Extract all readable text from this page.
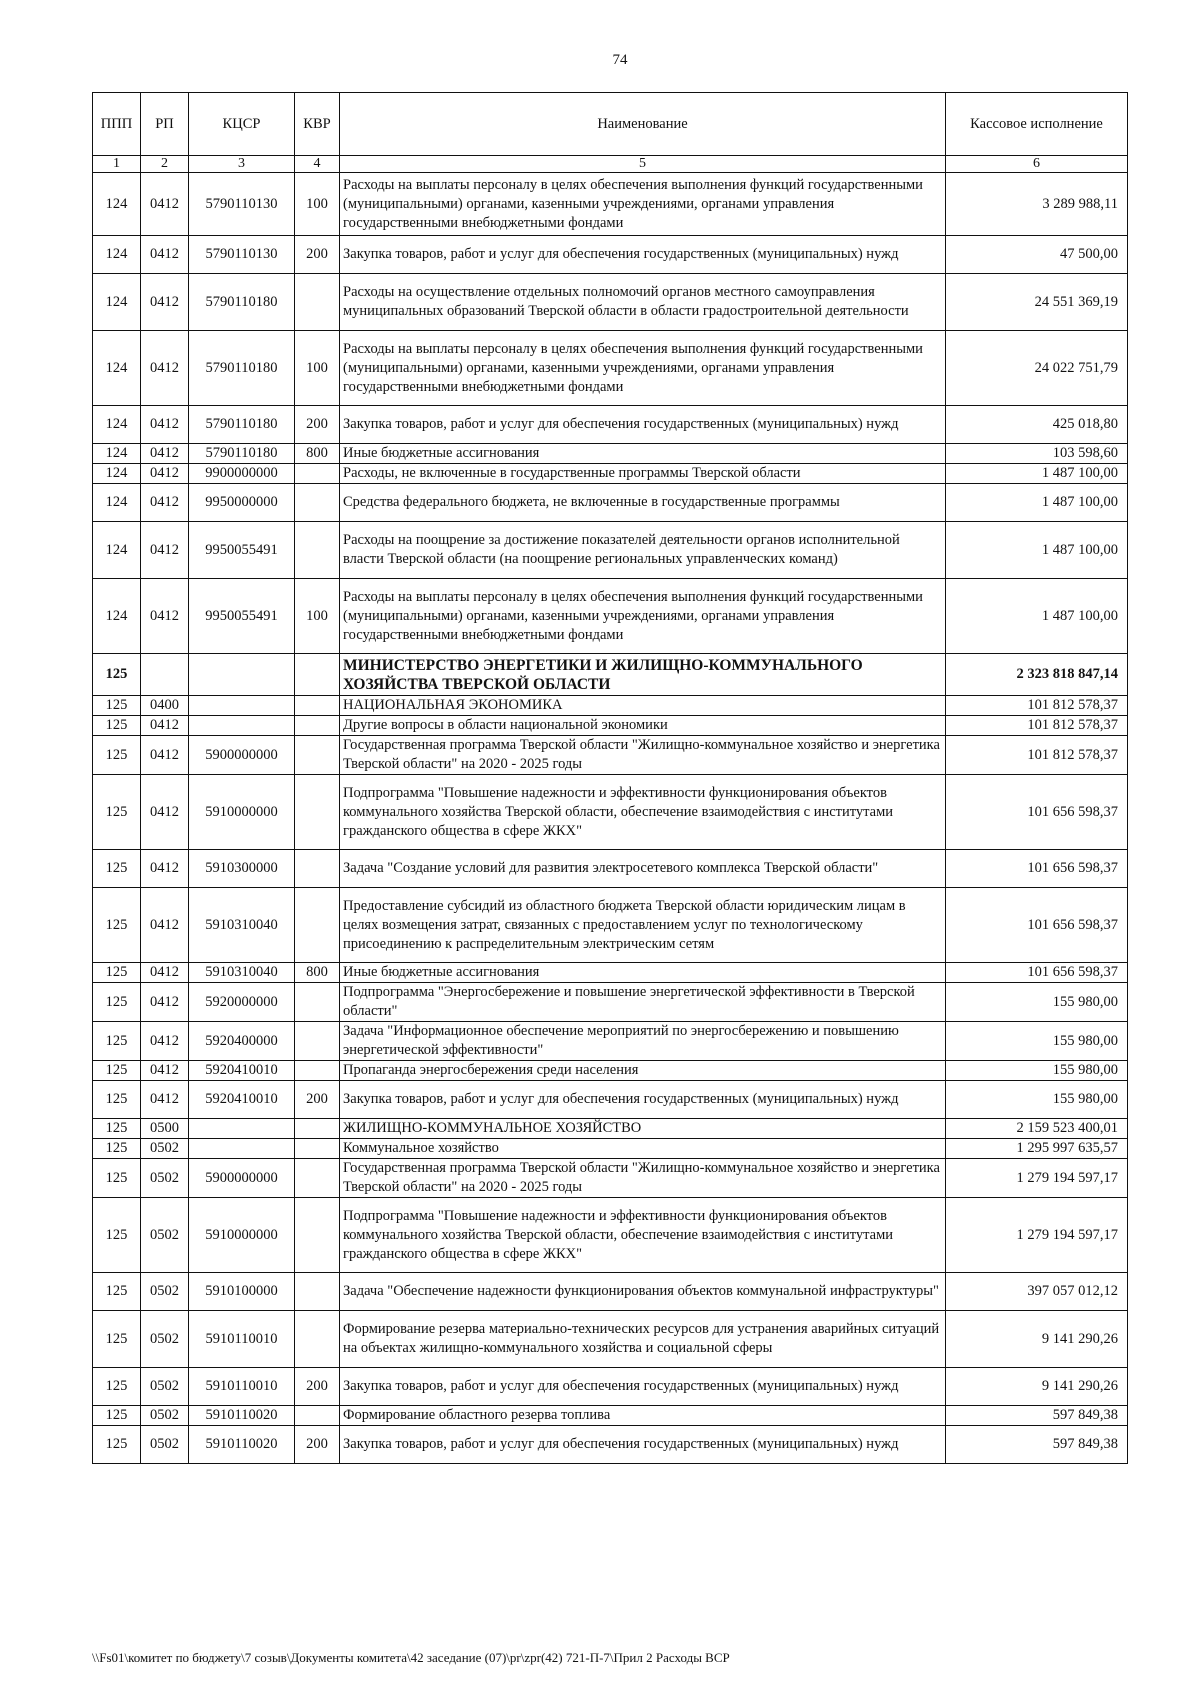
74
ППП	РП	КЦСР	КВР	Наименование	Кассовое исполнение
1	2	3	4	5	6
124	0412	5790110130	100	Расходы на выплаты персоналу в целях обеспечения выполнения функций государственными (муниципальными) органами, казенными учреждениями, органами управления государственными внебюджетными фондами	3 289 988,11
124	0412	5790110130	200	Закупка товаров, работ и услуг для обеспечения государственных (муниципальных) нужд	47 500,00
124	0412	5790110180		Расходы на осуществление отдельных полномочий органов местного самоуправления муниципальных образований Тверской области в области градостроительной деятельности	24 551 369,19
124	0412	5790110180	100	Расходы на выплаты персоналу в целях обеспечения выполнения функций государственными (муниципальными) органами, казенными учреждениями, органами управления государственными внебюджетными фондами	24 022 751,79
124	0412	5790110180	200	Закупка товаров, работ и услуг для обеспечения государственных (муниципальных) нужд	425 018,80
124	0412	5790110180	800	Иные бюджетные ассигнования	103 598,60
124	0412	9900000000		Расходы, не включенные в государственные программы Тверской области	1 487 100,00
124	0412	9950000000		Средства федерального бюджета, не включенные в государственные программы	1 487 100,00
124	0412	9950055491		Расходы на поощрение за достижение показателей деятельности органов исполнительной власти Тверской области (на поощрение региональных управленческих команд)	1 487 100,00
124	0412	9950055491	100	Расходы на выплаты персоналу в целях обеспечения выполнения функций государственными (муниципальными) органами, казенными учреждениями, органами управления государственными внебюджетными фондами	1 487 100,00
125				МИНИСТЕРСТВО ЭНЕРГЕТИКИ И ЖИЛИЩНО-КОММУНАЛЬНОГО ХОЗЯЙСТВА ТВЕРСКОЙ ОБЛАСТИ	2 323 818 847,14
125	0400			НАЦИОНАЛЬНАЯ ЭКОНОМИКА	101 812 578,37
125	0412			Другие вопросы в области национальной экономики	101 812 578,37
125	0412	5900000000		Государственная программа Тверской области "Жилищно-коммунальное хозяйство и энергетика Тверской области" на 2020 - 2025 годы	101 812 578,37
125	0412	5910000000		Подпрограмма "Повышение надежности и эффективности функционирования объектов коммунального хозяйства Тверской области, обеспечение взаимодействия с институтами гражданского общества в сфере ЖКХ"	101 656 598,37
125	0412	5910300000		Задача "Создание условий для развития электросетевого комплекса Тверской области"	101 656 598,37
125	0412	5910310040		Предоставление субсидий из областного бюджета Тверской области юридическим лицам в целях возмещения затрат, связанных с предоставлением услуг по технологическому присоединению к распределительным электрическим сетям	101 656 598,37
125	0412	5910310040	800	Иные бюджетные ассигнования	101 656 598,37
125	0412	5920000000		Подпрограмма "Энергосбережение и повышение энергетической эффективности в Тверской области"	155 980,00
125	0412	5920400000		Задача "Информационное обеспечение мероприятий по энергосбережению и повышению энергетической эффективности"	155 980,00
125	0412	5920410010		Пропаганда энергосбережения среди населения	155 980,00
125	0412	5920410010	200	Закупка товаров, работ и услуг для обеспечения государственных (муниципальных) нужд	155 980,00
125	0500			ЖИЛИЩНО-КОММУНАЛЬНОЕ ХОЗЯЙСТВО	2 159 523 400,01
125	0502			Коммунальное хозяйство	1 295 997 635,57
125	0502	5900000000		Государственная программа Тверской области "Жилищно-коммунальное хозяйство и энергетика Тверской области" на 2020 - 2025 годы	1 279 194 597,17
125	0502	5910000000		Подпрограмма "Повышение надежности и эффективности функционирования объектов коммунального хозяйства Тверской области, обеспечение взаимодействия с институтами гражданского общества в сфере ЖКХ"	1 279 194 597,17
125	0502	5910100000		Задача "Обеспечение надежности функционирования объектов коммунальной инфраструктуры"	397 057 012,12
125	0502	5910110010		Формирование резерва материально-технических ресурсов для устранения аварийных ситуаций на объектах жилищно-коммунального хозяйства и социальной сферы	9 141 290,26
125	0502	5910110010	200	Закупка товаров, работ и услуг для обеспечения государственных (муниципальных) нужд	9 141 290,26
125	0502	5910110020		Формирование областного резерва топлива	597 849,38
125	0502	5910110020	200	Закупка товаров, работ и услуг для обеспечения государственных (муниципальных) нужд	597 849,38
\\Fs01\комитет по бюджету\7 созыв\Документы комитета\42 заседание (07)\pr\zpr(42) 721-П-7\Прил 2 Расходы ВСР
